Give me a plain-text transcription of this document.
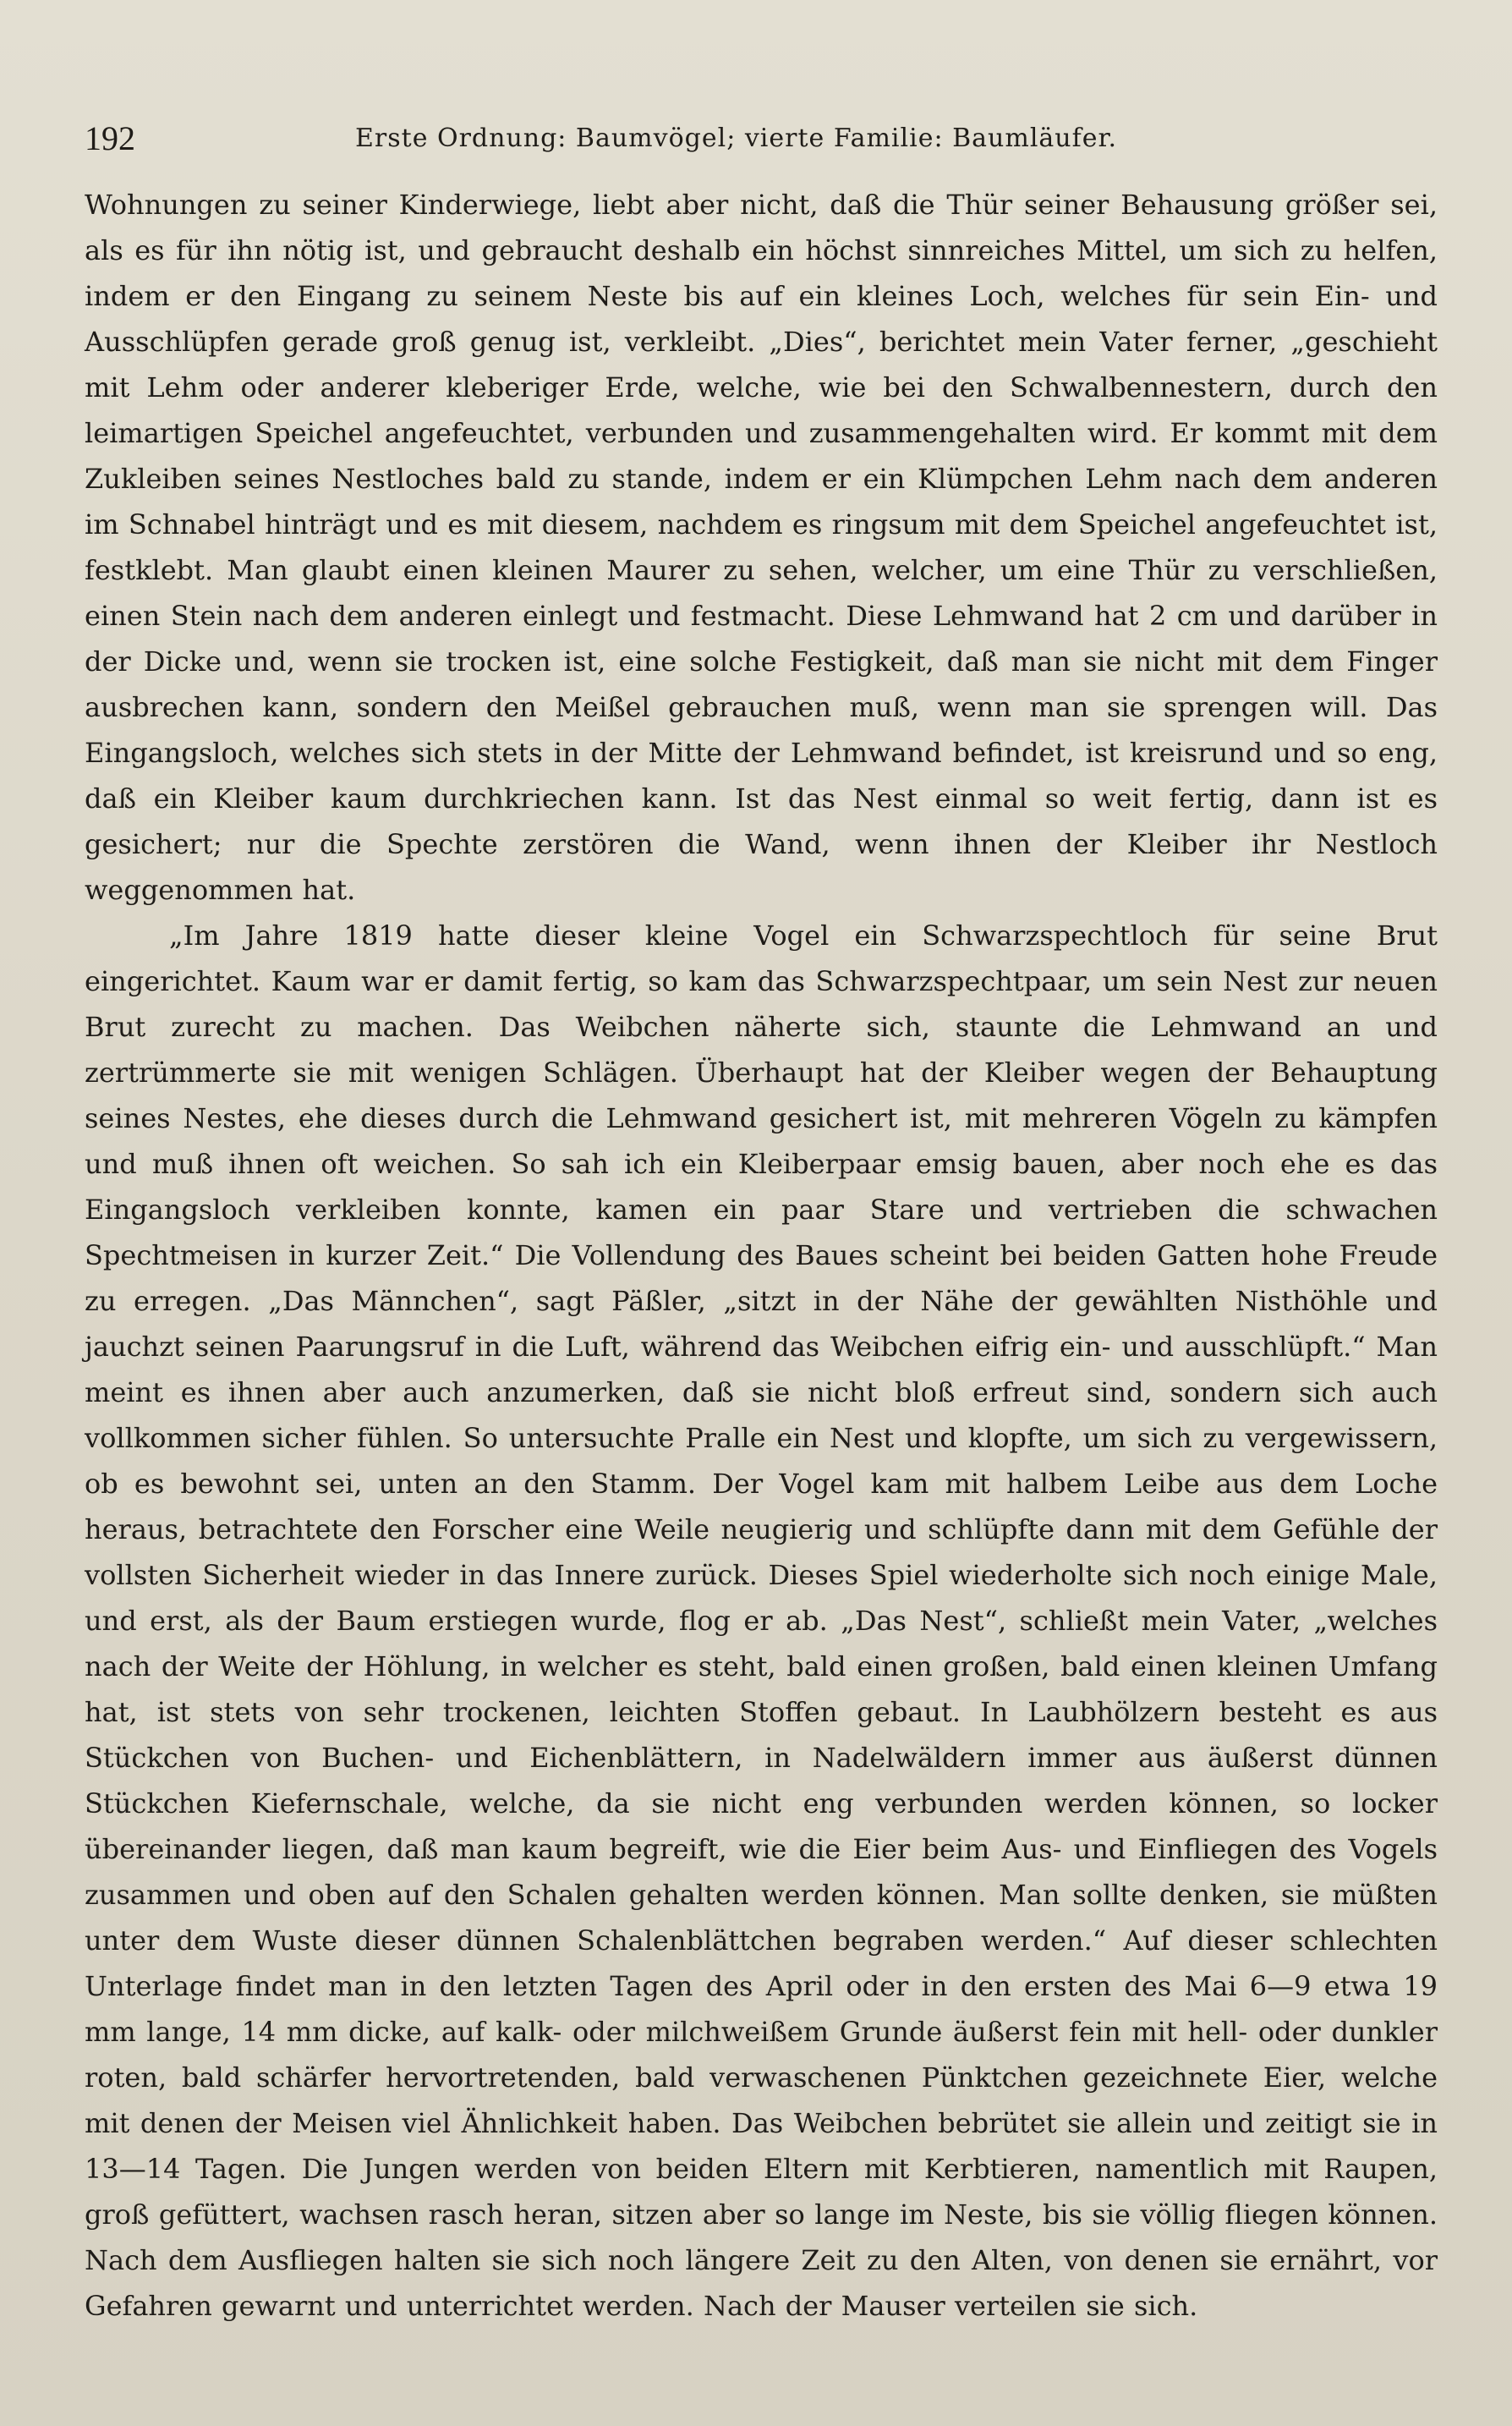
192	Erste Ordnung: Baumvögel; vierte Familie: Baumläufer.

Wohnungen zu seiner Kinderwiege, liebt aber nicht, daß die Thür seiner Behausung größer sei, als es für ihn nötig ist, und gebraucht deshalb ein höchst sinnreiches Mittel, um sich zu helfen, indem er den Eingang zu seinem Neste bis auf ein kleines Loch, welches für sein Ein- und Ausschlüpfen gerade groß genug ist, verkleibt. „Dies“, berichtet mein Vater ferner, „geschieht mit Lehm oder anderer kleberiger Erde, welche, wie bei den Schwalbennestern, durch den leimartigen Speichel angefeuchtet, verbunden und zusammengehalten wird. Er kommt mit dem Zukleiben seines Nestloches bald zu stande, indem er ein Klümpchen Lehm nach dem anderen im Schnabel hinträgt und es mit diesem, nachdem es ringsum mit dem Speichel angefeuchtet ist, festklebt. Man glaubt einen kleinen Maurer zu sehen, welcher, um eine Thür zu verschließen, einen Stein nach dem anderen einlegt und festmacht. Diese Lehmwand hat 2 cm und darüber in der Dicke und, wenn sie trocken ist, eine solche Festigkeit, daß man sie nicht mit dem Finger ausbrechen kann, sondern den Meißel gebrauchen muß, wenn man sie sprengen will. Das Eingangsloch, welches sich stets in der Mitte der Lehmwand befindet, ist kreisrund und so eng, daß ein Kleiber kaum durchkriechen kann. Ist das Nest einmal so weit fertig, dann ist es gesichert; nur die Spechte zerstören die Wand, wenn ihnen der Kleiber ihr Nestloch weggenommen hat.

„Im Jahre 1819 hatte dieser kleine Vogel ein Schwarzspechtloch für seine Brut eingerichtet. Kaum war er damit fertig, so kam das Schwarzspechtpaar, um sein Nest zur neuen Brut zurecht zu machen. Das Weibchen näherte sich, staunte die Lehmwand an und zertrümmerte sie mit wenigen Schlägen. Überhaupt hat der Kleiber wegen der Behauptung seines Nestes, ehe dieses durch die Lehmwand gesichert ist, mit mehreren Vögeln zu kämpfen und muß ihnen oft weichen. So sah ich ein Kleiberpaar emsig bauen, aber noch ehe es das Eingangsloch verkleiben konnte, kamen ein paar Stare und vertrieben die schwachen Spechtmeisen in kurzer Zeit.“ Die Vollendung des Baues scheint bei beiden Gatten hohe Freude zu erregen. „Das Männchen“, sagt Päßler, „sitzt in der Nähe der gewählten Nisthöhle und jauchzt seinen Paarungsruf in die Luft, während das Weibchen eifrig ein- und ausschlüpft.“ Man meint es ihnen aber auch anzumerken, daß sie nicht bloß erfreut sind, sondern sich auch vollkommen sicher fühlen. So untersuchte Pralle ein Nest und klopfte, um sich zu vergewissern, ob es bewohnt sei, unten an den Stamm. Der Vogel kam mit halbem Leibe aus dem Loche heraus, betrachtete den Forscher eine Weile neugierig und schlüpfte dann mit dem Gefühle der vollsten Sicherheit wieder in das Innere zurück. Dieses Spiel wiederholte sich noch einige Male, und erst, als der Baum erstiegen wurde, flog er ab. „Das Nest“, schließt mein Vater, „welches nach der Weite der Höhlung, in welcher es steht, bald einen großen, bald einen kleinen Umfang hat, ist stets von sehr trockenen, leichten Stoffen gebaut. In Laubhölzern besteht es aus Stückchen von Buchen- und Eichenblättern, in Nadelwäldern immer aus äußerst dünnen Stückchen Kiefernschale, welche, da sie nicht eng verbunden werden können, so locker übereinander liegen, daß man kaum begreift, wie die Eier beim Aus- und Einfliegen des Vogels zusammen und oben auf den Schalen gehalten werden können. Man sollte denken, sie müßten unter dem Wuste dieser dünnen Schalenblättchen begraben werden.“ Auf dieser schlechten Unterlage findet man in den letzten Tagen des April oder in den ersten des Mai 6—9 etwa 19 mm lange, 14 mm dicke, auf kalk- oder milchweißem Grunde äußerst fein mit hell- oder dunkler roten, bald schärfer hervortretenden, bald verwaschenen Pünktchen gezeichnete Eier, welche mit denen der Meisen viel Ähnlichkeit haben. Das Weibchen bebrütet sie allein und zeitigt sie in 13—14 Tagen. Die Jungen werden von beiden Eltern mit Kerbtieren, namentlich mit Raupen, groß gefüttert, wachsen rasch heran, sitzen aber so lange im Neste, bis sie völlig fliegen können. Nach dem Ausfliegen halten sie sich noch längere Zeit zu den Alten, von denen sie ernährt, vor Gefahren gewarnt und unterrichtet werden. Nach der Mauser verteilen sie sich.
